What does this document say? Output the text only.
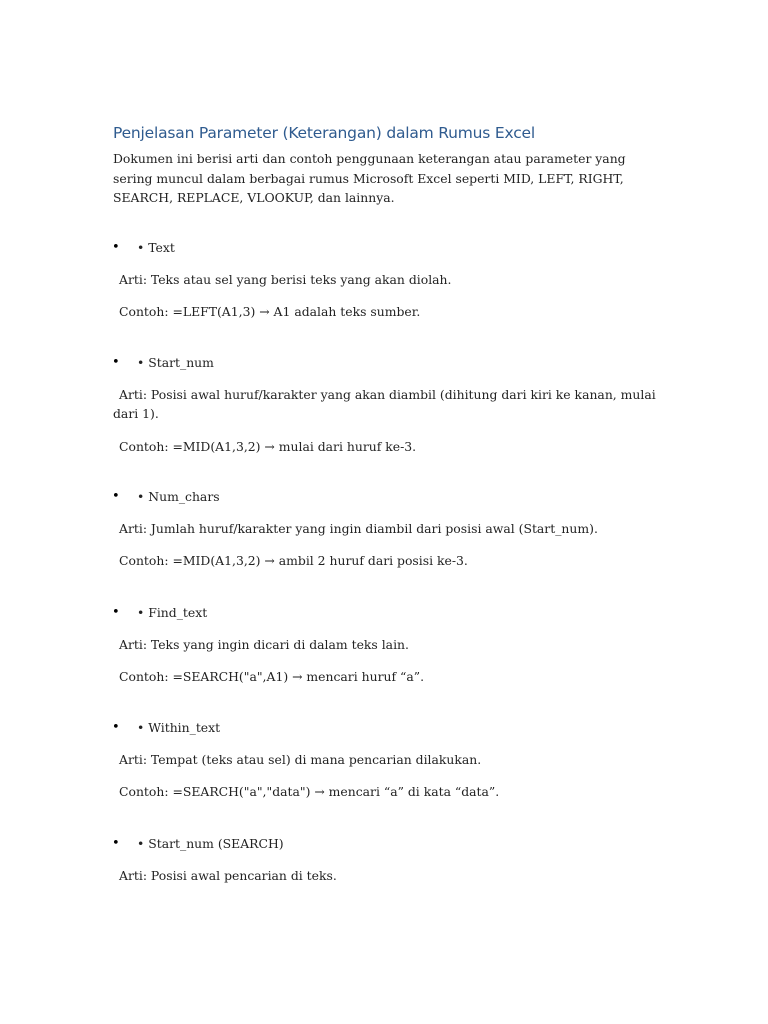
Penjelasan Parameter (Keterangan) dalam Rumus Excel

Dokumen ini berisi arti dan contoh penggunaan keterangan atau parameter yang sering muncul dalam berbagai rumus Microsoft Excel seperti MID, LEFT, RIGHT, SEARCH, REPLACE, VLOOKUP, dan lainnya.

• • Text

Arti: Teks atau sel yang berisi teks yang akan diolah.

Contoh: =LEFT(A1,3) → A1 adalah teks sumber.

• • Start_num

Arti: Posisi awal huruf/karakter yang akan diambil (dihitung dari kiri ke kanan, mulai dari 1).

Contoh: =MID(A1,3,2) → mulai dari huruf ke-3.

• • Num_chars

Arti: Jumlah huruf/karakter yang ingin diambil dari posisi awal (Start_num).

Contoh: =MID(A1,3,2) → ambil 2 huruf dari posisi ke-3.

• • Find_text

Arti: Teks yang ingin dicari di dalam teks lain.

Contoh: =SEARCH("a",A1) → mencari huruf “a”.

• • Within_text

Arti: Tempat (teks atau sel) di mana pencarian dilakukan.

Contoh: =SEARCH("a","data") → mencari “a” di kata “data”.

• • Start_num (SEARCH)

Arti: Posisi awal pencarian di teks.
